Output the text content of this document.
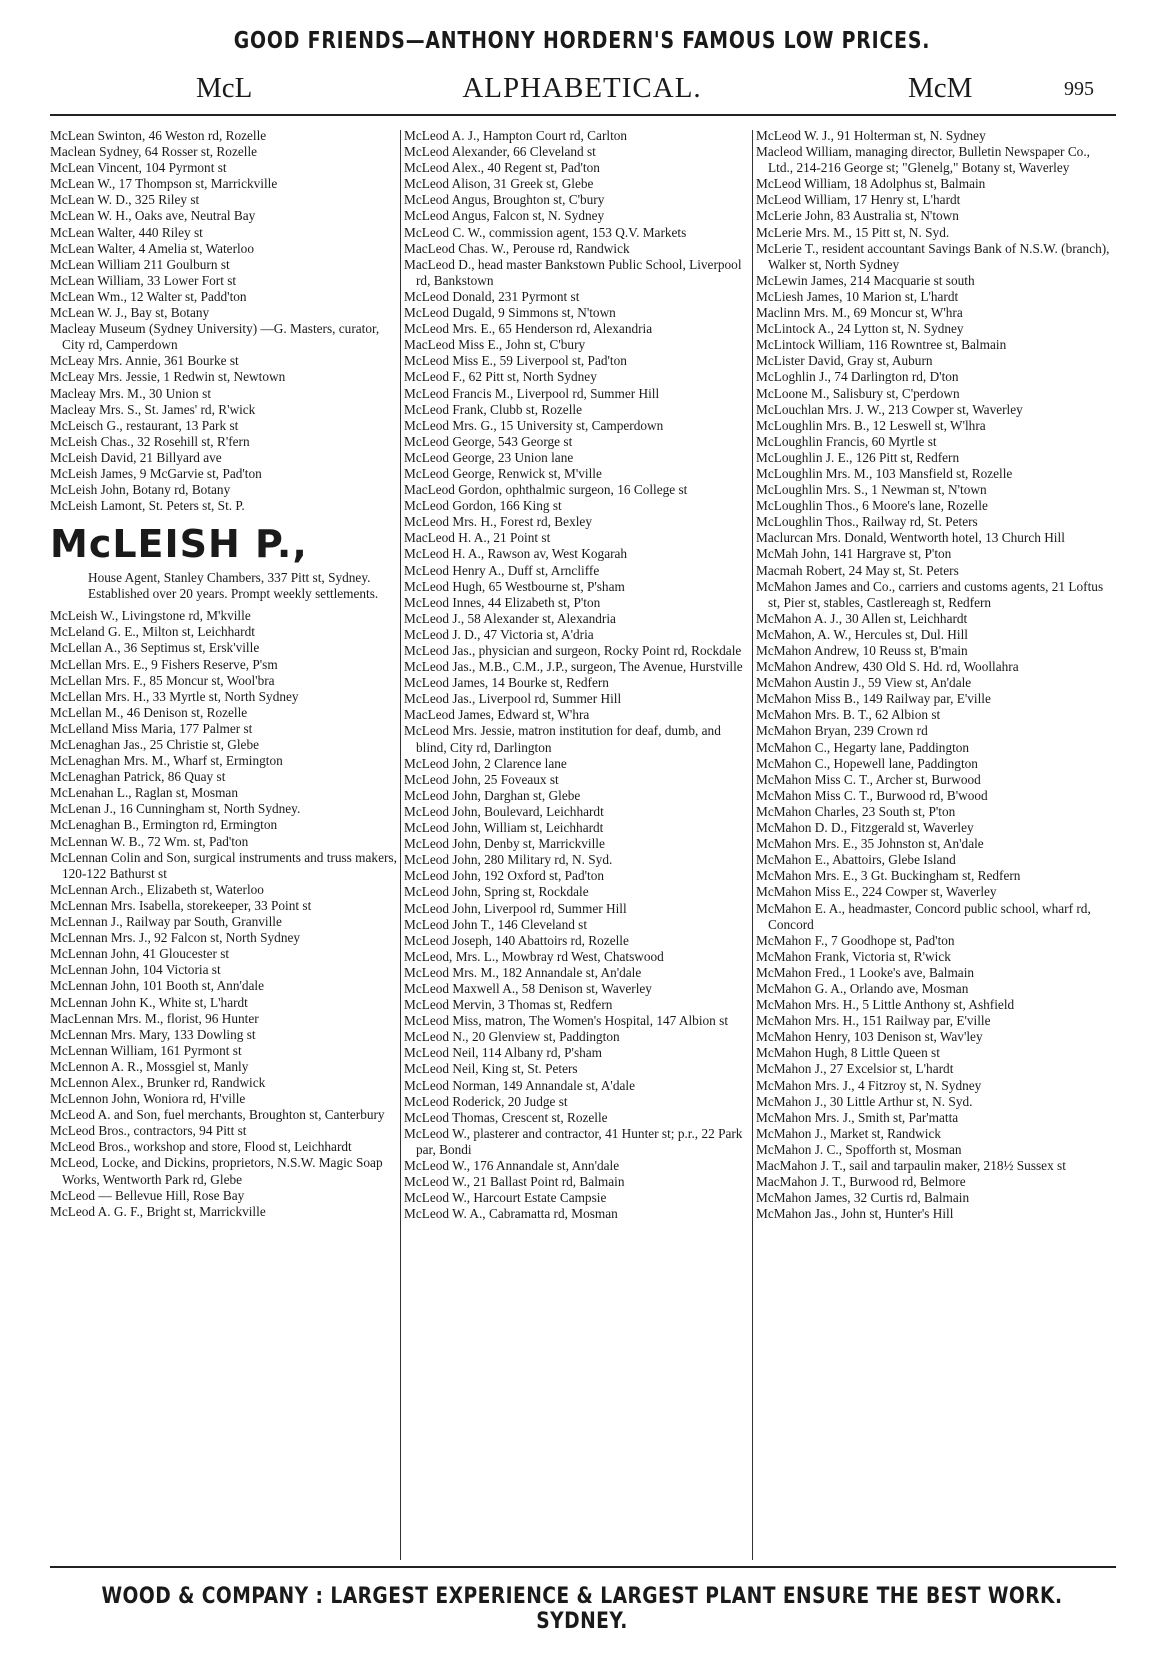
GOOD FRIENDS—ANTHONY HORDERN'S FAMOUS LOW PRICES.
McL	ALPHABETICAL.	McM	995
McLean Swinton, 46 Weston rd, Rozelle
Maclean Sydney, 64 Rosser st, Rozelle
McLean Vincent, 104 Pyrmont st
McLean W., 17 Thompson st, Marrickville
McLean W. D., 325 Riley st
McLean W. H., Oaks ave, Neutral Bay
McLean Walter, 440 Riley st
McLean Walter, 4 Amelia st, Waterloo
McLean William 211 Goulburn st
McLean William, 33 Lower Fort st
McLean Wm., 12 Walter st, Padd'ton
McLean W. J., Bay st, Botany
Macleay Museum (Sydney University) —G. Masters, curator, City rd, Camperdown
McLeay Mrs. Annie, 361 Bourke st
McLeay Mrs. Jessie, 1 Redwin st, Newtown
Macleay Mrs. M., 30 Union st
Macleay Mrs. S., St. James' rd, R'wick
McLeisch G., restaurant, 13 Park st
McLeish Chas., 32 Rosehill st, R'fern
McLeish David, 21 Billyard ave
McLeish James, 9 McGarvie st, Pad'ton
McLeish John, Botany rd, Botany
McLeish Lamont, St. Peters st, St. P.
McLEISH P.,
House Agent, Stanley Chambers, 337 Pitt st, Sydney. Established over 20 years. Prompt weekly settlements.
McLeish W., Livingstone rd, M'kville
McLeland G. E., Milton st, Leichhardt
McLellan A., 36 Septimus st, Ersk'ville
McLellan Mrs. E., 9 Fishers Reserve, P'sm
McLellan Mrs. F., 85 Moncur st, Wool'bra
McLellan Mrs. H., 33 Myrtle st, North Sydney
McLellan M., 46 Denison st, Rozelle
McLelland Miss Maria, 177 Palmer st
McLenaghan Jas., 25 Christie st, Glebe
McLenaghan Mrs. M., Wharf st, Ermington
McLenaghan Patrick, 86 Quay st
McLenahan L., Raglan st, Mosman
McLenan J., 16 Cunningham st, North Sydney.
McLenaghan B., Ermington rd, Ermington
McLennan W. B., 72 Wm. st, Pad'ton
McLennan Colin and Son, surgical instruments and truss makers, 120-122 Bathurst st
McLennan Arch., Elizabeth st, Waterloo
McLennan Mrs. Isabella, storekeeper, 33 Point st
McLennan J., Railway par South, Granville
McLennan Mrs. J., 92 Falcon st, North Sydney
McLennan John, 41 Gloucester st
McLennan John, 104 Victoria st
McLennan John, 101 Booth st, Ann'dale
McLennan John K., White st, L'hardt
MacLennan Mrs. M., florist, 96 Hunter
McLennan Mrs. Mary, 133 Dowling st
McLennan William, 161 Pyrmont st
McLennon A. R., Mossgiel st, Manly
McLennon Alex., Brunker rd, Randwick
McLennon John, Woniora rd, H'ville
McLeod A. and Son, fuel merchants, Broughton st, Canterbury
McLeod Bros., contractors, 94 Pitt st
McLeod Bros., workshop and store, Flood st, Leichhardt
McLeod, Locke, and Dickins, proprietors, N.S.W. Magic Soap Works, Wentworth Park rd, Glebe
McLeod — Bellevue Hill, Rose Bay
McLeod A. G. F., Bright st, Marrickville
McLeod A. J., Hampton Court rd, Carlton
McLeod Alexander, 66 Cleveland st
McLeod Alex., 40 Regent st, Pad'ton
McLeod Alison, 31 Greek st, Glebe
McLeod Angus, Broughton st, C'bury
McLeod Angus, Falcon st, N. Sydney
McLeod C. W., commission agent, 153 Q.V. Markets
MacLeod Chas. W., Perouse rd, Randwick
MacLeod D., head master Bankstown Public School, Liverpool rd, Bankstown
McLeod Donald, 231 Pyrmont st
McLeod Dugald, 9 Simmons st, N'town
McLeod Mrs. E., 65 Henderson rd, Alexandria
MacLeod Miss E., John st, C'bury
McLeod Miss E., 59 Liverpool st, Pad'ton
McLeod F., 62 Pitt st, North Sydney
McLeod Francis M., Liverpool rd, Summer Hill
McLeod Frank, Clubb st, Rozelle
McLeod Mrs. G., 15 University st, Camperdown
McLeod George, 543 George st
McLeod George, 23 Union lane
McLeod George, Renwick st, M'ville
MacLeod Gordon, ophthalmic surgeon, 16 College st
McLeod Gordon, 166 King st
McLeod Mrs. H., Forest rd, Bexley
MacLeod H. A., 21 Point st
McLeod H. A., Rawson av, West Kogarah
McLeod Henry A., Duff st, Arncliffe
McLeod Hugh, 65 Westbourne st, P'sham
McLeod Innes, 44 Elizabeth st, P'ton
McLeod J., 58 Alexander st, Alexandria
McLeod J. D., 47 Victoria st, A'dria
McLeod Jas., physician and surgeon, Rocky Point rd, Rockdale
McLeod Jas., M.B., C.M., J.P., surgeon, The Avenue, Hurstville
McLeod James, 14 Bourke st, Redfern
McLeod Jas., Liverpool rd, Summer Hill
MacLeod James, Edward st, W'hra
McLeod Mrs. Jessie, matron institution for deaf, dumb, and blind, City rd, Darlington
McLeod John, 2 Clarence lane
McLeod John, 25 Foveaux st
McLeod John, Darghan st, Glebe
McLeod John, Boulevard, Leichhardt
McLeod John, William st, Leichhardt
McLeod John, Denby st, Marrickville
McLeod John, 280 Military rd, N. Syd.
McLeod John, 192 Oxford st, Pad'ton
McLeod John, Spring st, Rockdale
McLeod John, Liverpool rd, Summer Hill
McLeod John T., 146 Cleveland st
McLeod Joseph, 140 Abattoirs rd, Rozelle
McLeod, Mrs. L., Mowbray rd West, Chatswood
McLeod Mrs. M., 182 Annandale st, An'dale
McLeod Maxwell A., 58 Denison st, Waverley
McLeod Mervin, 3 Thomas st, Redfern
McLeod Miss, matron, The Women's Hospital, 147 Albion st
McLeod N., 20 Glenview st, Paddington
McLeod Neil, 114 Albany rd, P'sham
McLeod Neil, King st, St. Peters
McLeod Norman, 149 Annandale st, A'dale
McLeod Roderick, 20 Judge st
McLeod Thomas, Crescent st, Rozelle
McLeod W., plasterer and contractor, 41 Hunter st; p.r., 22 Park par, Bondi
McLeod W., 176 Annandale st, Ann'dale
McLeod W., 21 Ballast Point rd, Balmain
McLeod W., Harcourt Estate Campsie
McLeod W. A., Cabramatta rd, Mosman
McLeod W. J., 91 Holterman st, N. Sydney
Macleod William, managing director, Bulletin Newspaper Co., Ltd., 214-216 George st; "Glenelg," Botany st, Waverley
McLeod William, 18 Adolphus st, Balmain
McLeod William, 17 Henry st, L'hardt
McLerie John, 83 Australia st, N'town
McLerie Mrs. M., 15 Pitt st, N. Syd.
McLerie T., resident accountant Savings Bank of N.S.W. (branch), Walker st, North Sydney
McLewin James, 214 Macquarie st south
McLiesh James, 10 Marion st, L'hardt
Maclinn Mrs. M., 69 Moncur st, W'hra
McLintock A., 24 Lytton st, N. Sydney
McLintock William, 116 Rowntree st, Balmain
McLister David, Gray st, Auburn
McLoghlin J., 74 Darlington rd, D'ton
McLoone M., Salisbury st, C'perdown
McLouchlan Mrs. J. W., 213 Cowper st, Waverley
McLoughlin Mrs. B., 12 Leswell st, W'lhra
McLoughlin Francis, 60 Myrtle st
McLoughlin J. E., 126 Pitt st, Redfern
McLoughlin Mrs. M., 103 Mansfield st, Rozelle
McLoughlin Mrs. S., 1 Newman st, N'town
McLoughlin Thos., 6 Moore's lane, Rozelle
McLoughlin Thos., Railway rd, St. Peters
Maclurcan Mrs. Donald, Wentworth hotel, 13 Church Hill
McMah John, 141 Hargrave st, P'ton
Macmah Robert, 24 May st, St. Peters
McMahon James and Co., carriers and customs agents, 21 Loftus st, Pier st, stables, Castlereagh st, Redfern
McMahon A. J., 30 Allen st, Leichhardt
McMahon, A. W., Hercules st, Dul. Hill
McMahon Andrew, 10 Reuss st, B'main
McMahon Andrew, 430 Old S. Hd. rd, Woollahra
McMahon Austin J., 59 View st, An'dale
McMahon Miss B., 149 Railway par, E'ville
McMahon Mrs. B. T., 62 Albion st
McMahon Bryan, 239 Crown rd
McMahon C., Hegarty lane, Paddington
McMahon C., Hopewell lane, Paddington
McMahon Miss C. T., Archer st, Burwood
McMahon Miss C. T., Burwood rd, B'wood
McMahon Charles, 23 South st, P'ton
McMahon D. D., Fitzgerald st, Waverley
McMahon Mrs. E., 35 Johnston st, An'dale
McMahon E., Abattoirs, Glebe Island
McMahon Mrs. E., 3 Gt. Buckingham st, Redfern
McMahon Miss E., 224 Cowper st, Waverley
McMahon E. A., headmaster, Concord public school, wharf rd, Concord
McMahon F., 7 Goodhope st, Pad'ton
McMahon Frank, Victoria st, R'wick
McMahon Fred., 1 Looke's ave, Balmain
McMahon G. A., Orlando ave, Mosman
McMahon Mrs. H., 5 Little Anthony st, Ashfield
McMahon Mrs. H., 151 Railway par, E'ville
McMahon Henry, 103 Denison st, Wav'ley
McMahon Hugh, 8 Little Queen st
McMahon J., 27 Excelsior st, L'hardt
McMahon Mrs. J., 4 Fitzroy st, N. Sydney
McMahon J., 30 Little Arthur st, N. Syd.
McMahon Mrs. J., Smith st, Par'matta
McMahon J., Market st, Randwick
McMahon J. C., Spofforth st, Mosman
MacMahon J. T., sail and tarpaulin maker, 218½ Sussex st
MacMahon J. T., Burwood rd, Belmore
McMahon James, 32 Curtis rd, Balmain
McMahon Jas., John st, Hunter's Hill
WOOD & COMPANY : LARGEST EXPERIENCE & LARGEST PLANT ENSURE THE BEST WORK. SYDNEY.
